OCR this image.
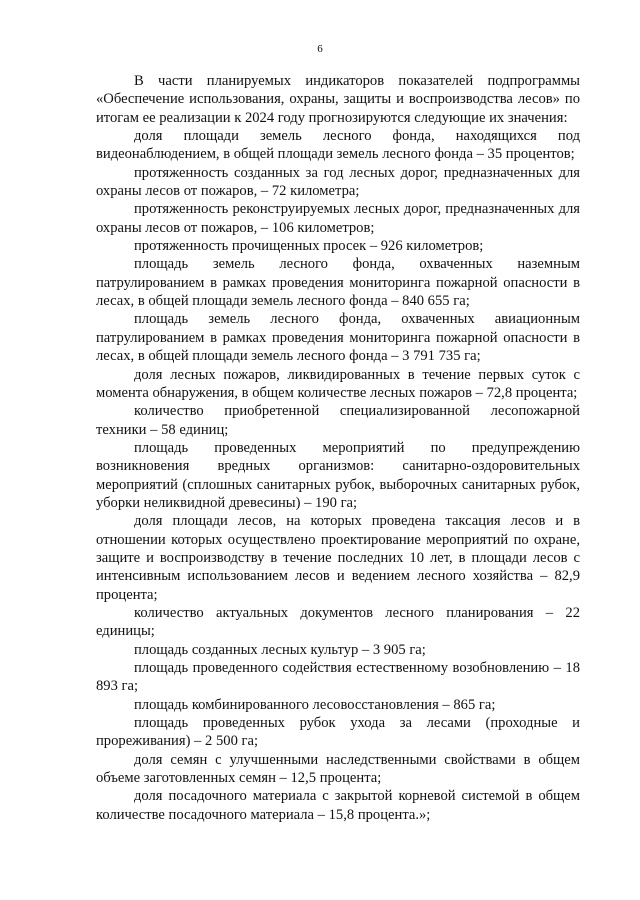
6

В части планируемых индикаторов показателей подпрограммы «Обеспечение использования, охраны, защиты и воспроизводства лесов» по итогам ее реализации к 2024 году прогнозируются следующие их значения:

доля площади земель лесного фонда, находящихся под видеонаблюдением, в общей площади земель лесного фонда – 35 процентов;

протяженность созданных за год лесных дорог, предназначенных для охраны лесов от пожаров, – 72 километра;

протяженность реконструируемых лесных дорог, предназначенных для охраны лесов от пожаров, – 106 километров;

протяженность прочищенных просек – 926 километров;

площадь земель лесного фонда, охваченных наземным патрулированием в рамках проведения мониторинга пожарной опасности в лесах, в общей площади земель лесного фонда – 840 655 га;

площадь земель лесного фонда, охваченных авиационным патрулированием в рамках проведения мониторинга пожарной опасности в лесах, в общей площади земель лесного фонда – 3 791 735 га;

доля лесных пожаров, ликвидированных в течение первых суток с момента обнаружения, в общем количестве лесных пожаров – 72,8 процента;

количество приобретенной специализированной лесопожарной техники – 58 единиц;

площадь проведенных мероприятий по предупреждению возникновения вредных организмов: санитарно-оздоровительных мероприятий (сплошных санитарных рубок, выборочных санитарных рубок, уборки неликвидной древесины) – 190 га;

доля площади лесов, на которых проведена таксация лесов и в отношении которых осуществлено проектирование мероприятий по охране, защите и воспроизводству в течение последних 10 лет, в площади лесов с интенсивным использованием лесов и ведением лесного хозяйства – 82,9 процента;

количество актуальных документов лесного планирования – 22 единицы;

площадь созданных лесных культур – 3 905 га;

площадь проведенного содействия естественному возобновлению – 18 893 га;

площадь комбинированного лесовосстановления – 865 га;

площадь проведенных рубок ухода за лесами (проходные и прореживания) – 2 500 га;

доля семян с улучшенными наследственными свойствами в общем объеме заготовленных семян – 12,5 процента;

доля посадочного материала с закрытой корневой системой в общем количестве посадочного материала – 15,8 процента.»;
